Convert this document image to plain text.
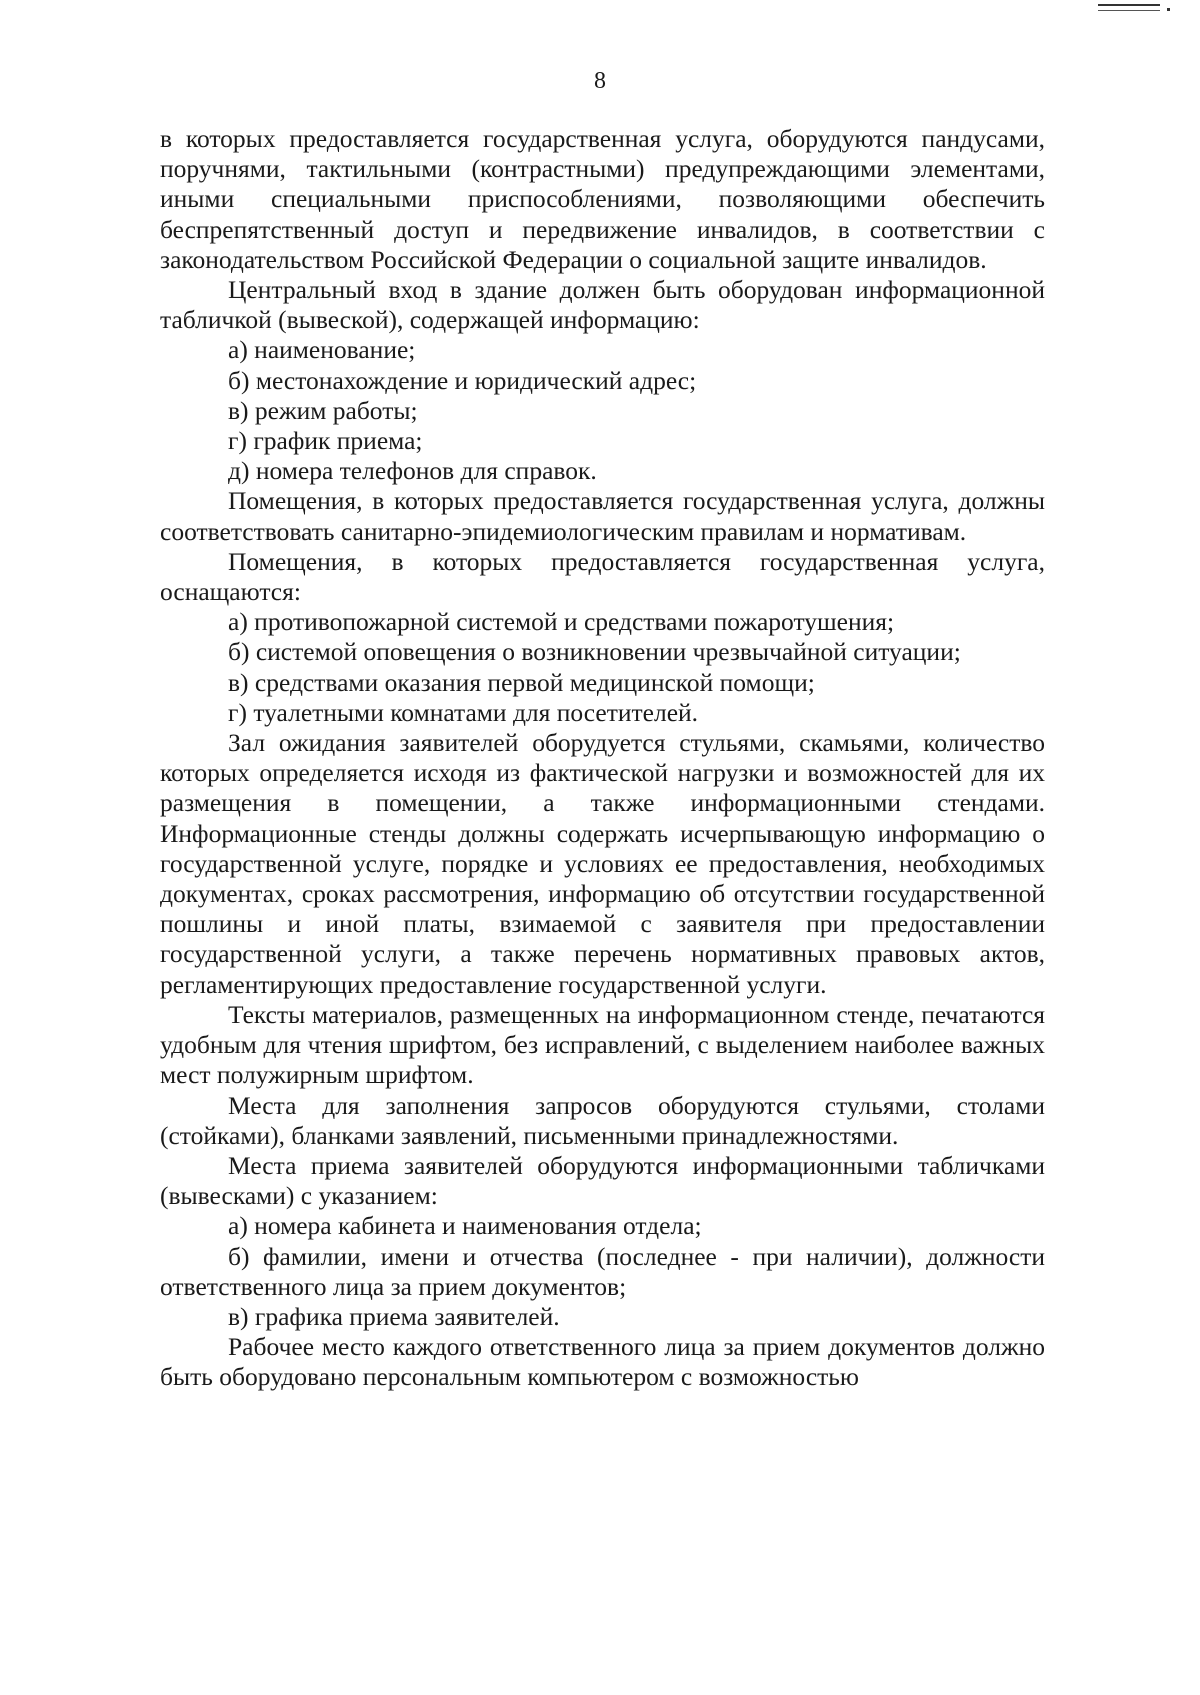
8

в которых предоставляется государственная услуга, оборудуются пандусами, поручнями, тактильными (контрастными) предупреждающими элементами, иными специальными приспособлениями, позволяющими обеспечить беспрепятственный доступ и передвижение инвалидов, в соответствии с законодательством Российской Федерации о социальной защите инвалидов.

Центральный вход в здание должен быть оборудован информационной табличкой (вывеской), содержащей информацию:

а) наименование;

б) местонахождение и юридический адрес;

в) режим работы;

г) график приема;

д) номера телефонов для справок.

Помещения, в которых предоставляется государственная услуга, должны соответствовать санитарно-эпидемиологическим правилам и нормативам.

Помещения, в которых предоставляется государственная услуга, оснащаются:

а) противопожарной системой и средствами пожаротушения;

б) системой оповещения о возникновении чрезвычайной ситуации;

в) средствами оказания первой медицинской помощи;

г) туалетными комнатами для посетителей.

Зал ожидания заявителей оборудуется стульями, скамьями, количество которых определяется исходя из фактической нагрузки и возможностей для их размещения в помещении, а также информационными стендами. Информационные стенды должны содержать исчерпывающую информацию о государственной услуге, порядке и условиях ее предоставления, необходимых документах, сроках рассмотрения, информацию об отсутствии государственной пошлины и иной платы, взимаемой с заявителя при предоставлении государственной услуги, а также перечень нормативных правовых актов, регламентирующих предоставление государственной услуги.

Тексты материалов, размещенных на информационном стенде, печатаются удобным для чтения шрифтом, без исправлений, с выделением наиболее важных мест полужирным шрифтом.

Места для заполнения запросов оборудуются стульями, столами (стойками), бланками заявлений, письменными принадлежностями.

Места приема заявителей оборудуются информационными табличками (вывесками) с указанием:

а) номера кабинета и наименования отдела;

б) фамилии, имени и отчества (последнее - при наличии), должности ответственного лица за прием документов;

в) графика приема заявителей.

Рабочее место каждого ответственного лица за прием документов должно быть оборудовано персональным компьютером с возможностью
